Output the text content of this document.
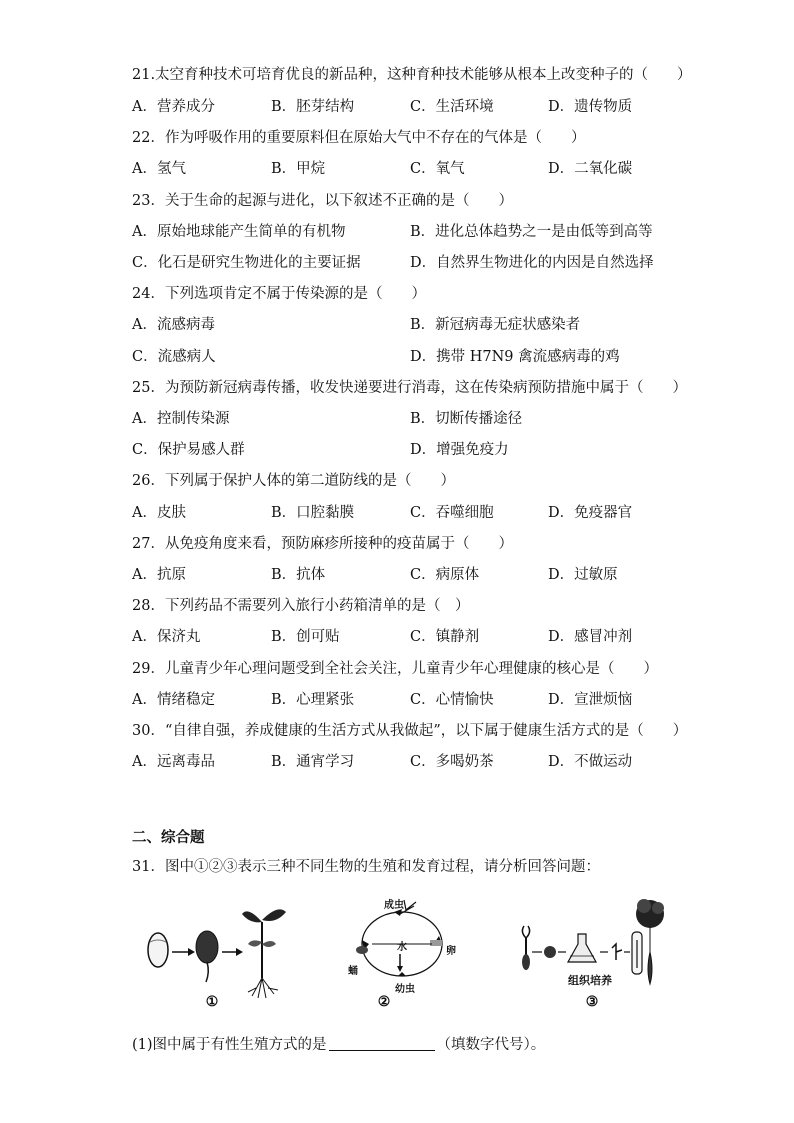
21.太空育种技术可培育优良的新品种，这种育种技术能够从根本上改变种子的（　　）
A．营养成分	B．胚芽结构	C．生活环境	D．遗传物质
22．作为呼吸作用的重要原料但在原始大气中不存在的气体是（　　）
A．氢气	B．甲烷	C．氧气	D．二氧化碳
23．关于生命的起源与进化，以下叙述不正确的是（　　）
A．原始地球能产生简单的有机物	B．进化总体趋势之一是由低等到高等
C．化石是研究生物进化的主要证据	D．自然界生物进化的内因是自然选择
24．下列选项肯定不属于传染源的是（　　）
A．流感病毒	B．新冠病毒无症状感染者
C．流感病人	D．携带 H7N9 禽流感病毒的鸡
25．为预防新冠病毒传播，收发快递要进行消毒，这在传染病预防措施中属于（　　）
A．控制传染源	B．切断传播途径
C．保护易感人群	D．增强免疫力
26．下列属于保护人体的第二道防线的是（　　）
A．皮肤	B．口腔黏膜	C．吞噬细胞	D．免疫器官
27．从免疫角度来看，预防麻疹所接种的疫苗属于（　　）
A．抗原	B．抗体	C．病原体	D．过敏原
28．下列药品不需要列入旅行小药箱清单的是（　）
A．保济丸	B．创可贴	C．镇静剂	D．感冒冲剂
29．儿童青少年心理问题受到全社会关注，儿童青少年心理健康的核心是（　　）
A．情绪稳定	B．心理紧张	C．心情愉快	D．宣泄烦恼
30．“自律自强，养成健康的生活方式从我做起”，以下属于健康生活方式的是（　　）
A．远离毒品	B．通宵学习	C．多喝奶茶	D．不做运动
二、综合题
31．图中①②③表示三种不同生物的生殖和发育过程，请分析回答问题：
①
成虫
水	卵
蛹
幼虫
②
组织培养
③
(1)图中属于有性生殖方式的是	（填数字代号）。
